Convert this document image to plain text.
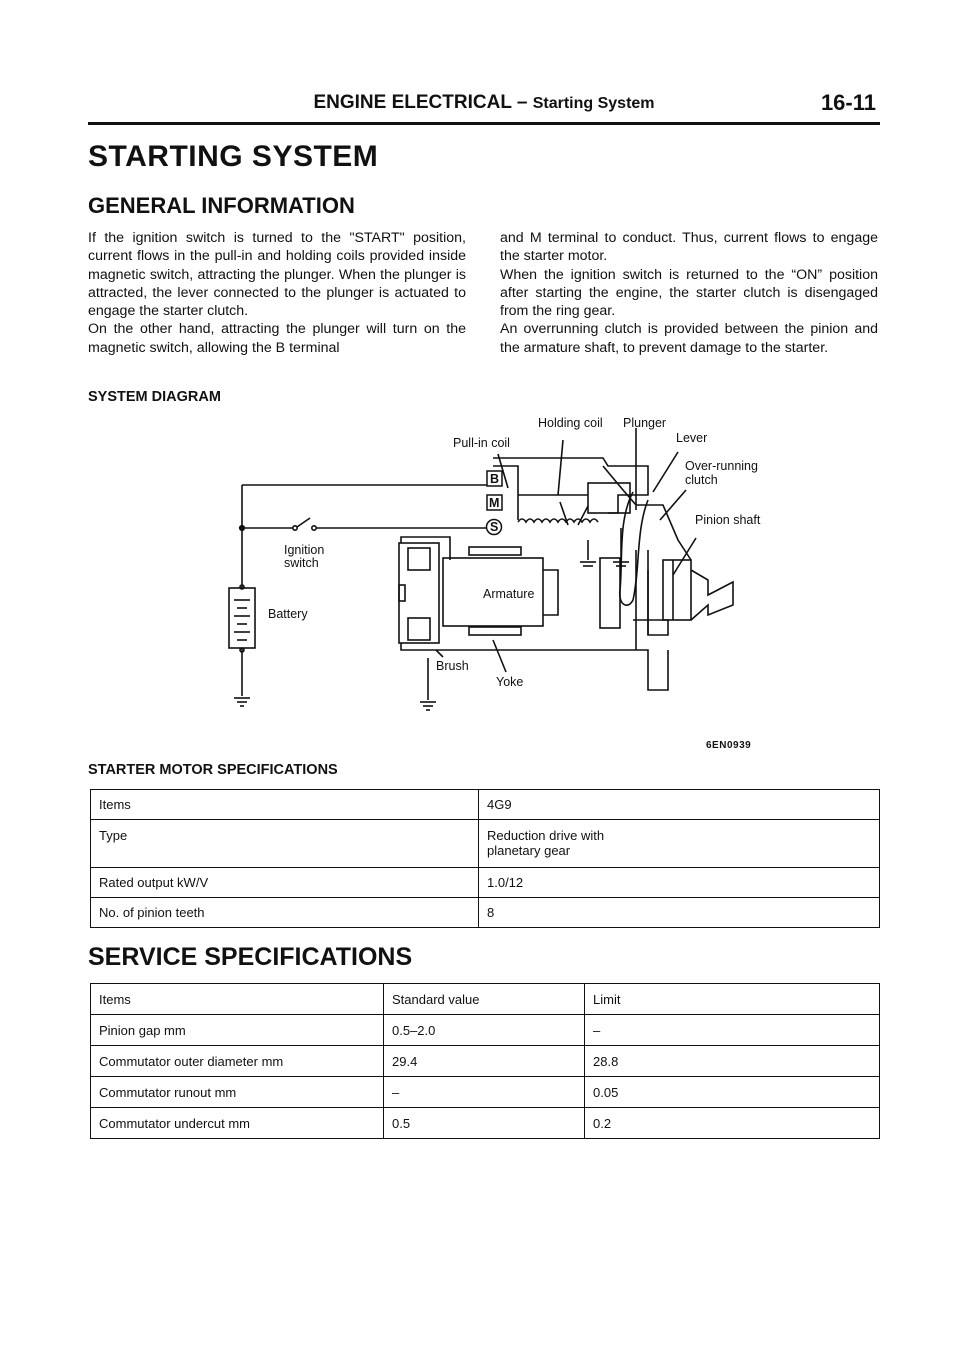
ENGINE ELECTRICAL – Starting System	16-11
STARTING SYSTEM
GENERAL INFORMATION

If the ignition switch is turned to the "START" position, current flows in the pull-in and holding coils provided inside magnetic switch, attracting the plunger. When the plunger is attracted, the lever connected to the plunger is actuated to engage the starter clutch.

On the other hand, attracting the plunger will turn on the magnetic switch, allowing the B terminal

and M terminal to conduct. Thus, current flows to engage the starter motor.

When the ignition switch is returned to the “ON” position after starting the engine, the starter clutch is disengaged from the ring gear.

An overrunning clutch is provided between the pinion and the armature shaft, to prevent damage to the starter.

SYSTEM DIAGRAM
B
M
S
Holding coil Plunger
Pull-in coil	Lever
Over-running
clutch
Pinion shaft
Ignition
switch
Battery
Armature
Brush
Yoke
6EN0939
STARTER MOTOR SPECIFICATIONS
Items	4G9
Type	Reduction drive with
planetary gear

Rated output kW/V	1.0/12
No. of pinion teeth	8
SERVICE SPECIFICATIONS
Items	Standard value	Limit
Pinion gap mm	0.5–2.0	–
Commutator outer diameter mm	29.4	28.8
Commutator runout mm	–	0.05
Commutator undercut mm	0.5	0.2
